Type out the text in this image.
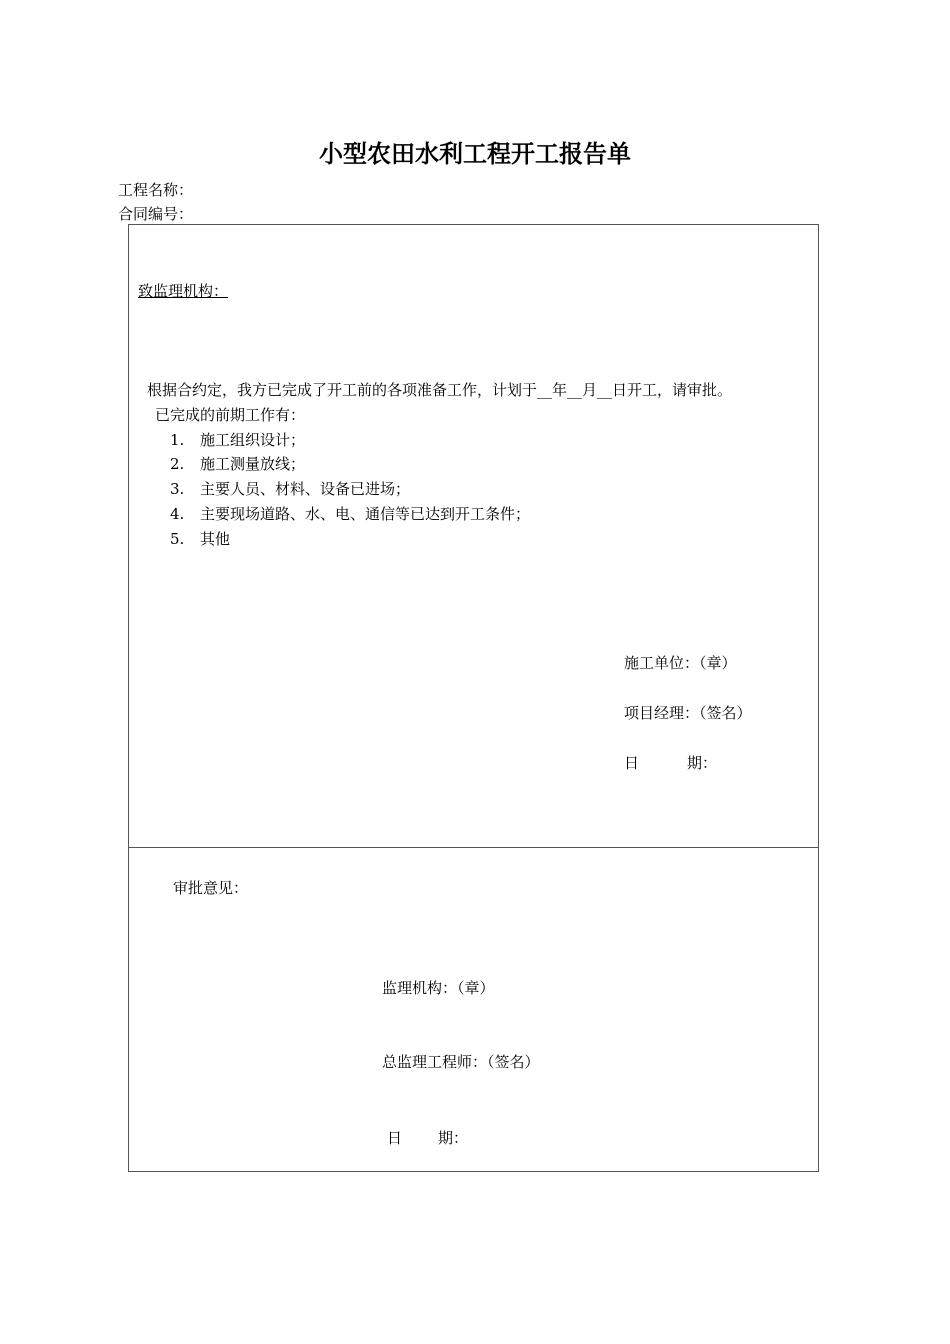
小型农田水利工程开工报告单
工程名称：
合同编号：
致监理机构：
根据合约定，我方已完成了开工前的各项准备工作，计划于__年__月__日开工，请审批。
已完成的前期工作有：
1. 施工组织设计；
2. 施工测量放线；
3. 主要人员、材料、设备已进场；
4. 主要现场道路、水、电、通信等已达到开工条件；
5. 其他
施工单位：（章）
项目经理：（签名）
日	期：
审批意见：
监理机构：（章）
总监理工程师：（签名）
日 期：
